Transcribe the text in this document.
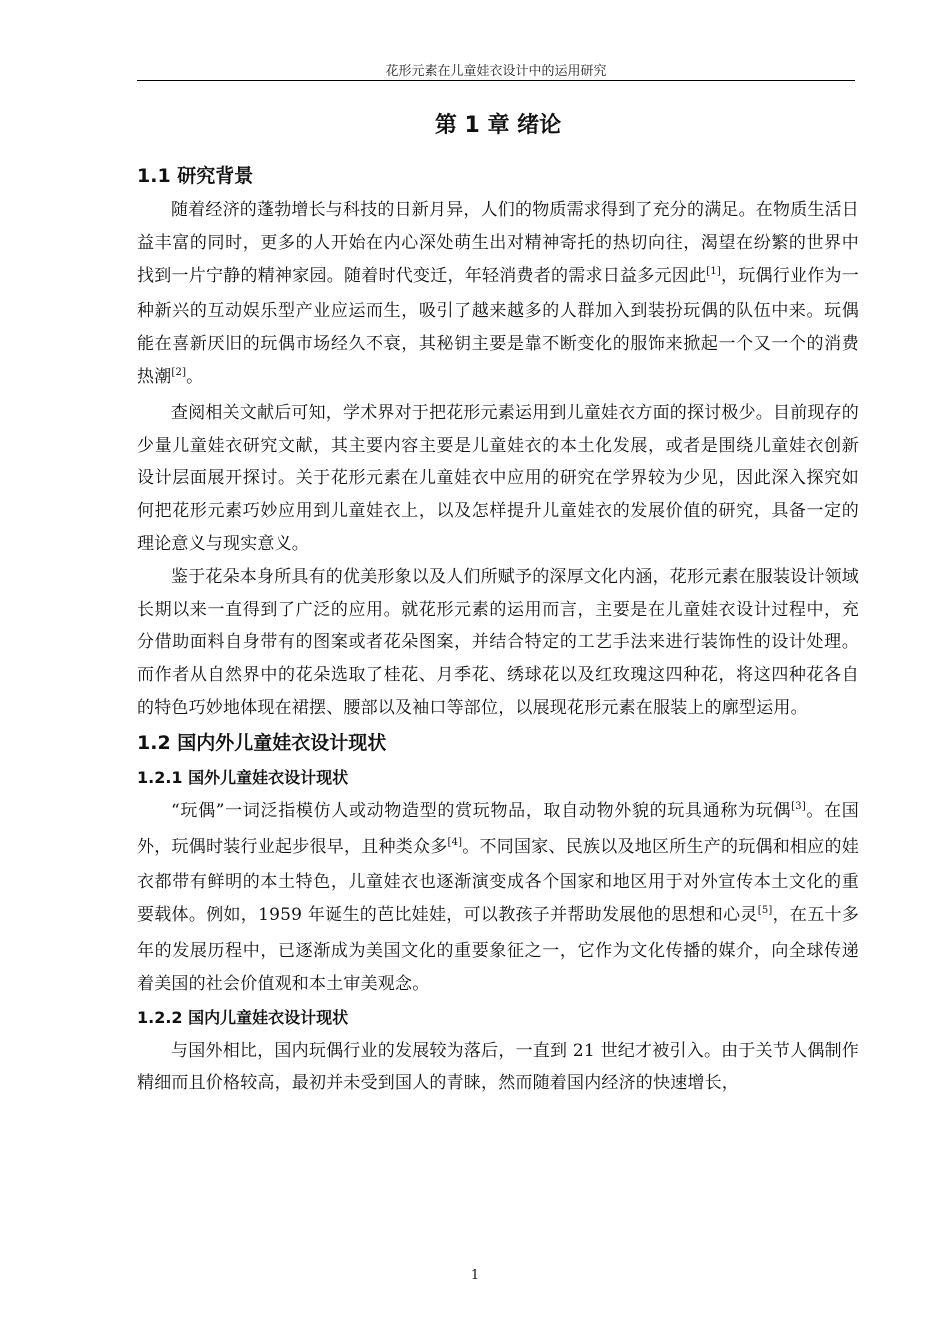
花形元素在儿童娃衣设计中的运用研究
第 1 章 绪论
1.1 研究背景

随着经济的蓬勃增长与科技的日新月异，人们的物质需求得到了充分的满足。在物质生活日益丰富的同时，更多的人开始在内心深处萌生出对精神寄托的热切向往，渴望在纷繁的世界中找到一片宁静的精神家园。随着时代变迁，年轻消费者的需求日益多元因此[1]，玩偶行业作为一种新兴的互动娱乐型产业应运而生，吸引了越来越多的人群加入到装扮玩偶的队伍中来。玩偶能在喜新厌旧的玩偶市场经久不衰，其秘钥主要是靠不断变化的服饰来掀起一个又一个的消费热潮[2]。

查阅相关文献后可知，学术界对于把花形元素运用到儿童娃衣方面的探讨极少。目前现存的少量儿童娃衣研究文献，其主要内容主要是儿童娃衣的本土化发展，或者是围绕儿童娃衣创新设计层面展开探讨。关于花形元素在儿童娃衣中应用的研究在学界较为少见，因此深入探究如何把花形元素巧妙应用到儿童娃衣上，以及怎样提升儿童娃衣的发展价值的研究，具备一定的理论意义与现实意义。

鉴于花朵本身所具有的优美形象以及人们所赋予的深厚文化内涵，花形元素在服装设计领域长期以来一直得到了广泛的应用。就花形元素的运用而言，主要是在儿童娃衣设计过程中，充分借助面料自身带有的图案或者花朵图案，并结合特定的工艺手法来进行装饰性的设计处理。而作者从自然界中的花朵选取了桂花、月季花、绣球花以及红玫瑰这四种花，将这四种花各自的特色巧妙地体现在裙摆、腰部以及袖口等部位，以展现花形元素在服装上的廓型运用。

1.2 国内外儿童娃衣设计现状
1.2.1 国外儿童娃衣设计现状

“玩偶”一词泛指模仿人或动物造型的赏玩物品，取自动物外貌的玩具通称为玩偶[3]。在国外，玩偶时装行业起步很早，且种类众多[4]。不同国家、民族以及地区所生产的玩偶和相应的娃衣都带有鲜明的本土特色，儿童娃衣也逐渐演变成各个国家和地区用于对外宣传本土文化的重要载体。例如，1959 年诞生的芭比娃娃，可以教孩子并帮助发展他的思想和心灵[5]，在五十多年的发展历程中，已逐渐成为美国文化的重要象征之一，它作为文化传播的媒介，向全球传递着美国的社会价值观和本土审美观念。

1.2.2 国内儿童娃衣设计现状

与国外相比，国内玩偶行业的发展较为落后，一直到 21 世纪才被引入。由于关节人偶制作精细而且价格较高，最初并未受到国人的青睐，然而随着国内经济的快速增长，

1
